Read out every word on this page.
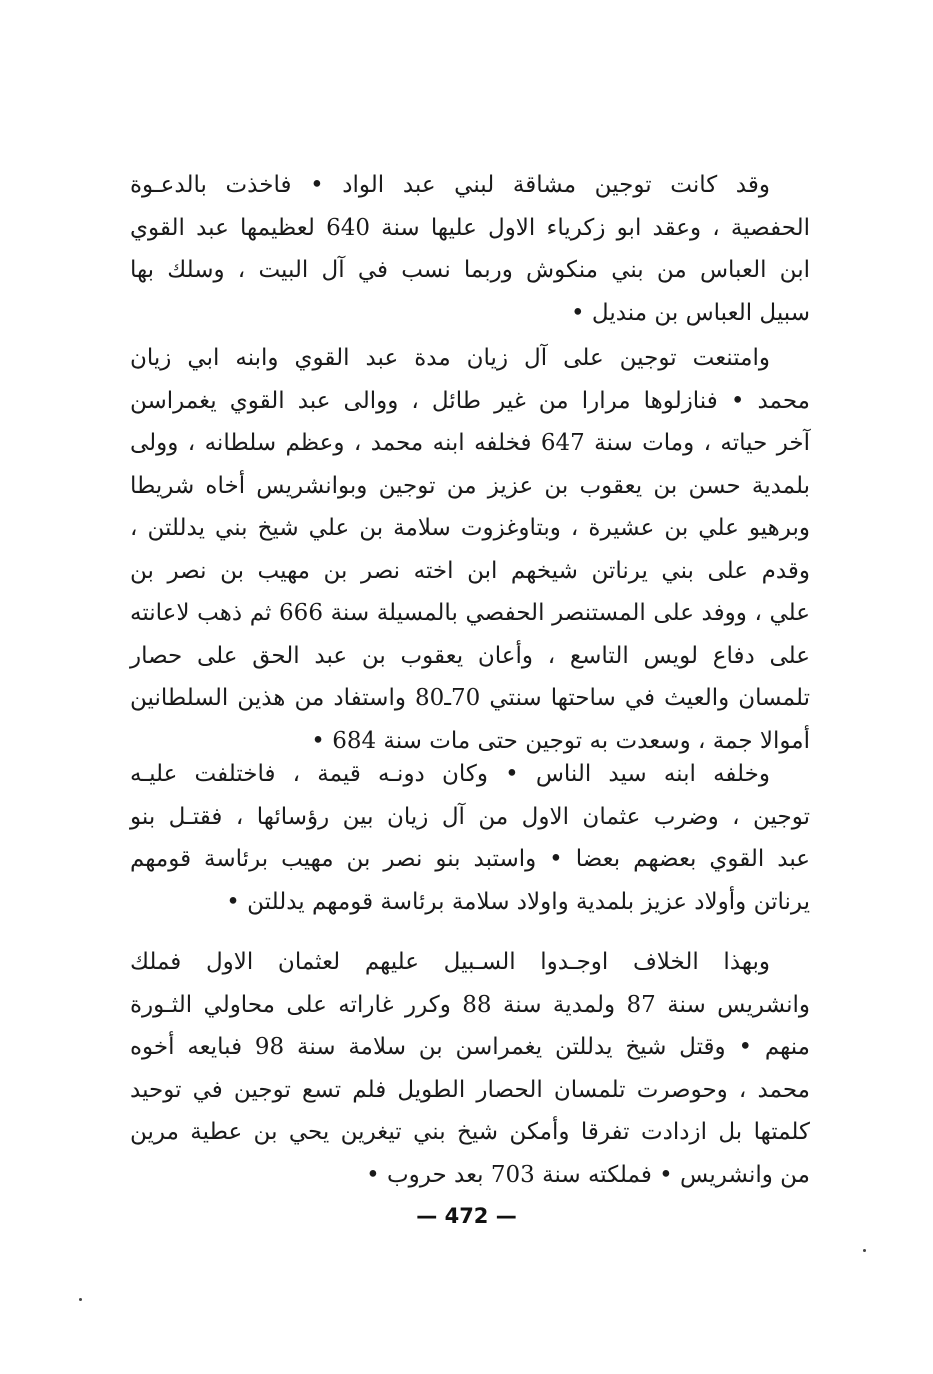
وقد كانت توجين مشاقة لبني عبد الواد • فاخذت بالدعـوة
الحفصية ، وعقد ابو زكرياء الاول عليها سنة 640 لعظيمها عبد القوي
ابن العباس من بني منكوش وربما نسب في آل البيت ، وسلك بها
سبيل العباس بن منديل •
وامتنعت توجين على آل زيان مدة عبد القوي وابنه ابي زيان
محمد • فنازلوها مرارا من غير طائل ، ووالى عبد القوي يغمراسن
آخر حياته ، ومات سنة 647 فخلفه ابنه محمد ، وعظم سلطانه ، وولى
بلمدية حسن بن يعقوب بن عزيز من توجين وبوانشريس أخاه شريطا
وبرهيو علي بن عشيرة ، وبتاوغزوت سلامة بن علي شيخ بني يدللتن ،
وقدم على بني يرناتن شيخهم ابن اخته نصر بن مهيب بن نصر بن
علي ، ووفد على المستنصر الحفصي بالمسيلة سنة 666 ثم ذهب لاعانته
على دفاع لويس التاسع ، وأعان يعقوب بن عبد الحق على حصار
تلمسان والعيث في ساحتها سنتي 70ـ80 واستفاد من هذين السلطانين
أموالا جمة ، وسعدت به توجين حتى مات سنة 684 •
وخلفه ابنه سيد الناس • وكان دونـه قيمة ، فاختلفت عليـه
توجين ، وضرب عثمان الاول من آل زيان بين رؤسائها ، فقتـل بنو
عبد القوي بعضهم بعضا • واستبد بنو نصر بن مهيب برئاسة قومهم
يرناتن وأولاد عزيز بلمدية واولاد سلامة برئاسة قومهم يدللتن •
وبهذا الخلاف اوجـدوا السـبيل عليهم لعثمان الاول فملك
وانشريس سنة 87 ولمدية سنة 88 وكرر غاراته على محاولي الثـورة
منهم • وقتل شيخ يدللتن يغمراسن بن سلامة سنة 98 فبايعه أخوه
محمد ، وحوصرت تلمسان الحصار الطويل فلم تسع توجين في توحيد
كلمتها بل ازدادت تفرقا وأمكن شيخ بني تيغرين يحي بن عطية مرين
من وانشريس • فملكته سنة 703 بعد حروب •
— 472 —
